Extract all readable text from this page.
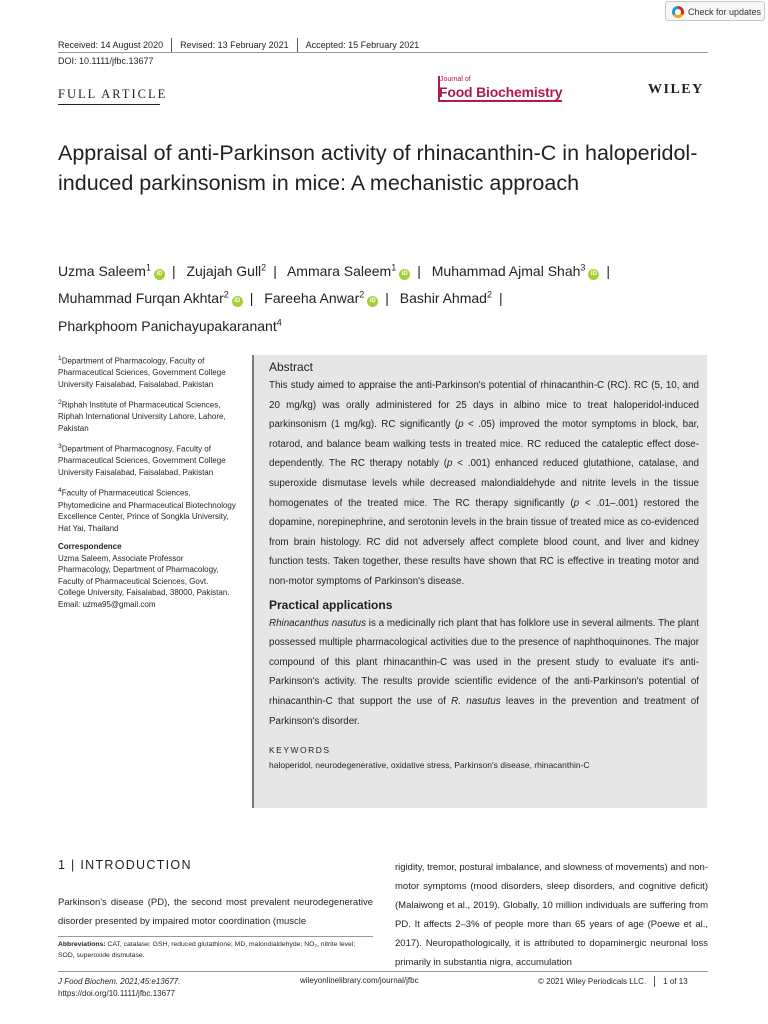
Check for updates
Received: 14 August 2020 Revised: 13 February 2021 Accepted: 15 February 2021
DOI: 10.1111/jfbc.13677
FULL ARTICLE
Journal of
Food Biochemistry	WILEY
Appraisal of anti-Parkinson activity of rhinacanthin-C in haloperidol-induced parkinsonism in mice: A mechanistic approach
Uzma Saleem$^1$iD | Zujajah Gull$^2$ | Ammara Saleem$^1$iD | Muhammad Ajmal Shah$^3$iD | Muhammad Furqan Akhtar$^2$iD | Fareeha Anwar$^2$iD | Bashir Ahmad$^2$ | Pharkphoom Panichayupakaranant$^4$

$^1$Department of Pharmacology, Faculty of Pharmaceutical Sciences, Government College University Faisalabad, Faisalabad, Pakistan

$^2$Riphah Institute of Pharmaceutical Sciences, Riphah International University Lahore, Lahore, Pakistan

$^3$Department of Pharmacognosy, Faculty of Pharmaceutical Sciences, Government College University Faisalabad, Faisalabad, Pakistan

$^4$Faculty of Pharmaceutical Sciences, Phytomedicine and Pharmaceutical Biotechnology Excellence Center, Prince of Songkla University, Hat Yai, Thailand

Correspondence

Uzma Saleem, Associate Professor Pharmacology, Department of Pharmacology, Faculty of Pharmaceutical Sciences, Govt. College University, Faisalabad, 38000, Pakistan.
Email: uzma95@gmail.com

Abstract
This study aimed to appraise the anti-Parkinson's potential of rhinacanthin-C (RC). RC (5, 10, and 20 mg/kg) was orally administered for 25 days in albino mice to treat haloperidol-induced parkinsonism (1 mg/kg). RC significantly (p < .05) improved the motor symptoms in block, bar, rotarod, and balance beam walking tests in treated mice. RC reduced the cataleptic effect dose-dependently. The RC therapy notably (p < .001) enhanced reduced glutathione, catalase, and superoxide dismutase levels while decreased malondialdehyde and nitrite levels in the tissue homogenates of the treated mice. The RC therapy significantly (p < .01–.001) restored the dopamine, norepinephrine, and serotonin levels in the brain tissue of treated mice as co-evidenced from brain histology. RC did not adversely affect complete blood count, and liver and kidney function tests. Taken together, these results have shown that RC is effective in treating motor and non-motor symptoms of Parkinson's disease.
Practical applications
Rhinacanthus nasutus is a medicinally rich plant that has folklore use in several ailments. The plant possessed multiple pharmacological activities due to the presence of naphthoquinones. The major compound of this plant rhinacanthin-C was used in the present study to evaluate it's anti-Parkinson's activity. The results provide scientific evidence of the anti-Parkinson's potential of rhinacanthin-C that support the use of R. nasutus leaves in the prevention and treatment of Parkinson's disorder.
KEYWORDS
haloperidol, neurodegenerative, oxidative stress, Parkinson's disease, rhinacanthin-C
1 | INTRODUCTION
Parkinson's disease (PD), the second most prevalent neurodegenerative disorder presented by impaired motor coordination (muscle
rigidity, tremor, postural imbalance, and slowness of movements) and non-motor symptoms (mood disorders, sleep disorders, and cognitive deficit) (Malaiwong et al., 2019). Globally, 10 million individuals are suffering from PD. It affects 2–3% of people more than 65 years of age (Poewe et al., 2017). Neuropathologically, it is attributed to dopaminergic neuronal loss primarily in substantia nigra, accumulation
Abbreviations: CAT, catalase; GSH, reduced glutathione; MD, malondialdehyde; NO₂, nitrite level; SOD, superoxide dismutase.
J Food Biochem. 2021;45:e13677.
https://doi.org/10.1111/jfbc.13677
wileyonlinelibrary.com/journal/jfbc	© 2021 Wiley Periodicals LLC. 1 of 13
